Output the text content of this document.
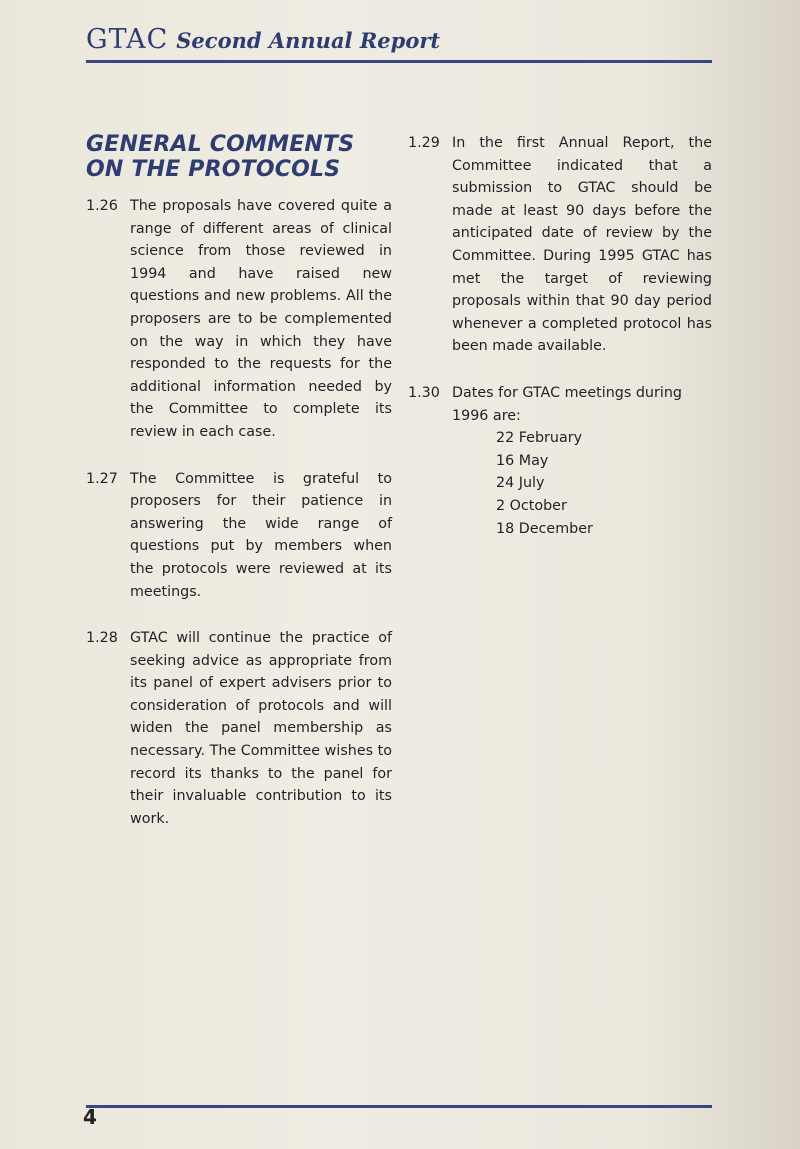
GTAC Second Annual Report
GENERAL COMMENTS ON THE PROTOCOLS
1.26 The proposals have covered quite a range of different areas of clinical science from those reviewed in 1994 and have raised new questions and new problems. All the proposers are to be complemented on the way in which they have responded to the requests for the additional information needed by the Committee to complete its review in each case.
1.27 The Committee is grateful to proposers for their patience in answering the wide range of questions put by members when the protocols were reviewed at its meetings.
1.28 GTAC will continue the practice of seeking advice as appropriate from its panel of expert advisers prior to consideration of protocols and will widen the panel membership as necessary. The Committee wishes to record its thanks to the panel for their invaluable contribution to its work.
1.29 In the first Annual Report, the Committee indicated that a submission to GTAC should be made at least 90 days before the anticipated date of review by the Committee. During 1995 GTAC has met the target of reviewing proposals within that 90 day period whenever a completed protocol has been made available.
1.30 Dates for GTAC meetings during 1996 are:
22 February
16 May
24 July
2 October
18 December
4
